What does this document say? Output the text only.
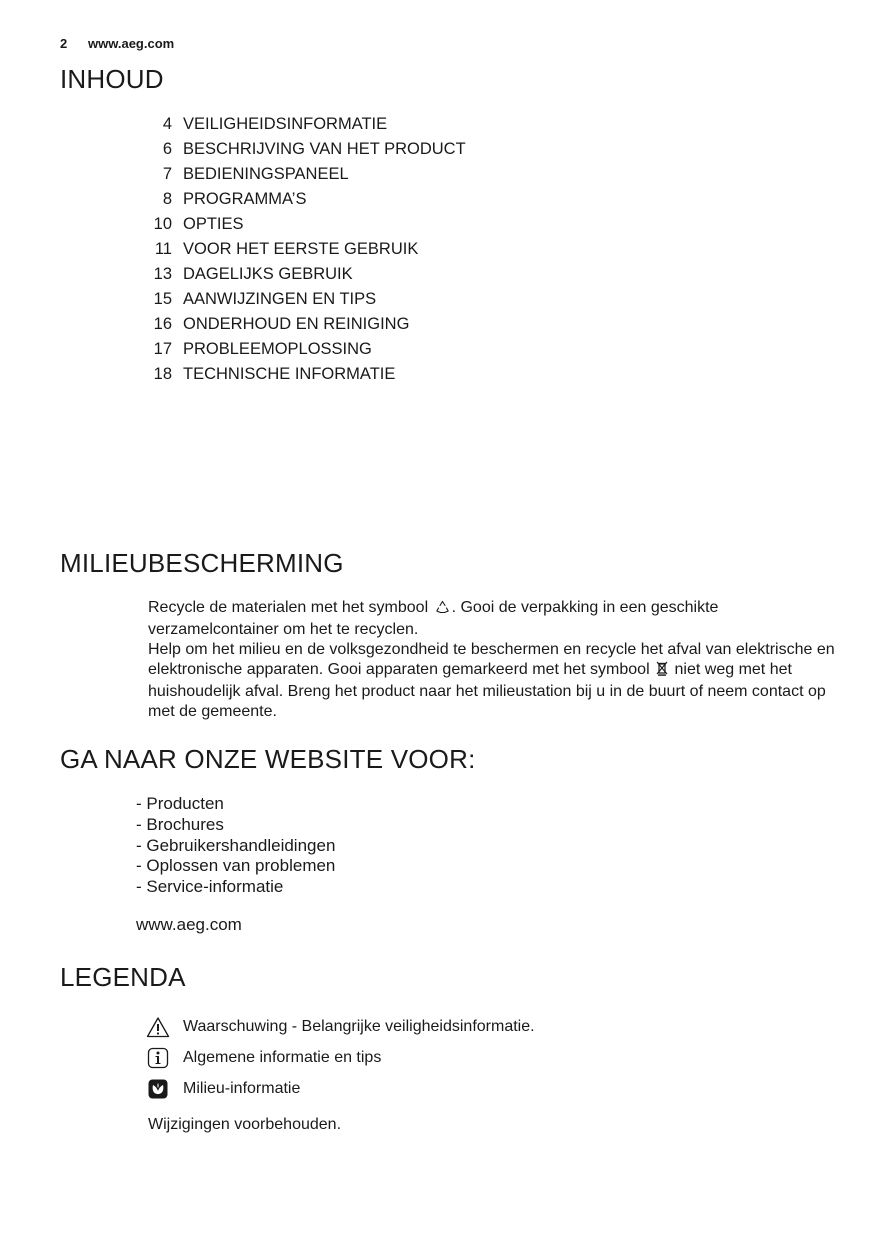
2 www.aeg.com
INHOUD
4 VEILIGHEIDSINFORMATIE
6 BESCHRIJVING VAN HET PRODUCT
7 BEDIENINGSPANEEL
8 PROGRAMMA’S
10 OPTIES
11 VOOR HET EERSTE GEBRUIK
13 DAGELIJKS GEBRUIK
15 AANWIJZINGEN EN TIPS
16 ONDERHOUD EN REINIGING
17 PROBLEEMOPLOSSING
18 TECHNISCHE INFORMATIE
MILIEUBESCHERMING
Recycle de materialen met het symbool . Gooi de verpakking in een geschikte verzamelcontainer om het te recyclen.
Help om het milieu en de volksgezondheid te beschermen en recycle het afval van elektrische en elektronische apparaten. Gooi apparaten gemarkeerd met het symbool niet weg met het huishoudelijk afval. Breng het product naar het milieustation bij u in de buurt of neem contact op met de gemeente.
GA NAAR ONZE WEBSITE VOOR:
- Producten
- Brochures
- Gebruikershandleidingen
- Oplossen van problemen
- Service-informatie
www.aeg.com
LEGENDA
Waarschuwing - Belangrijke veiligheidsinformatie.
Algemene informatie en tips
Milieu-informatie
Wijzigingen voorbehouden.
